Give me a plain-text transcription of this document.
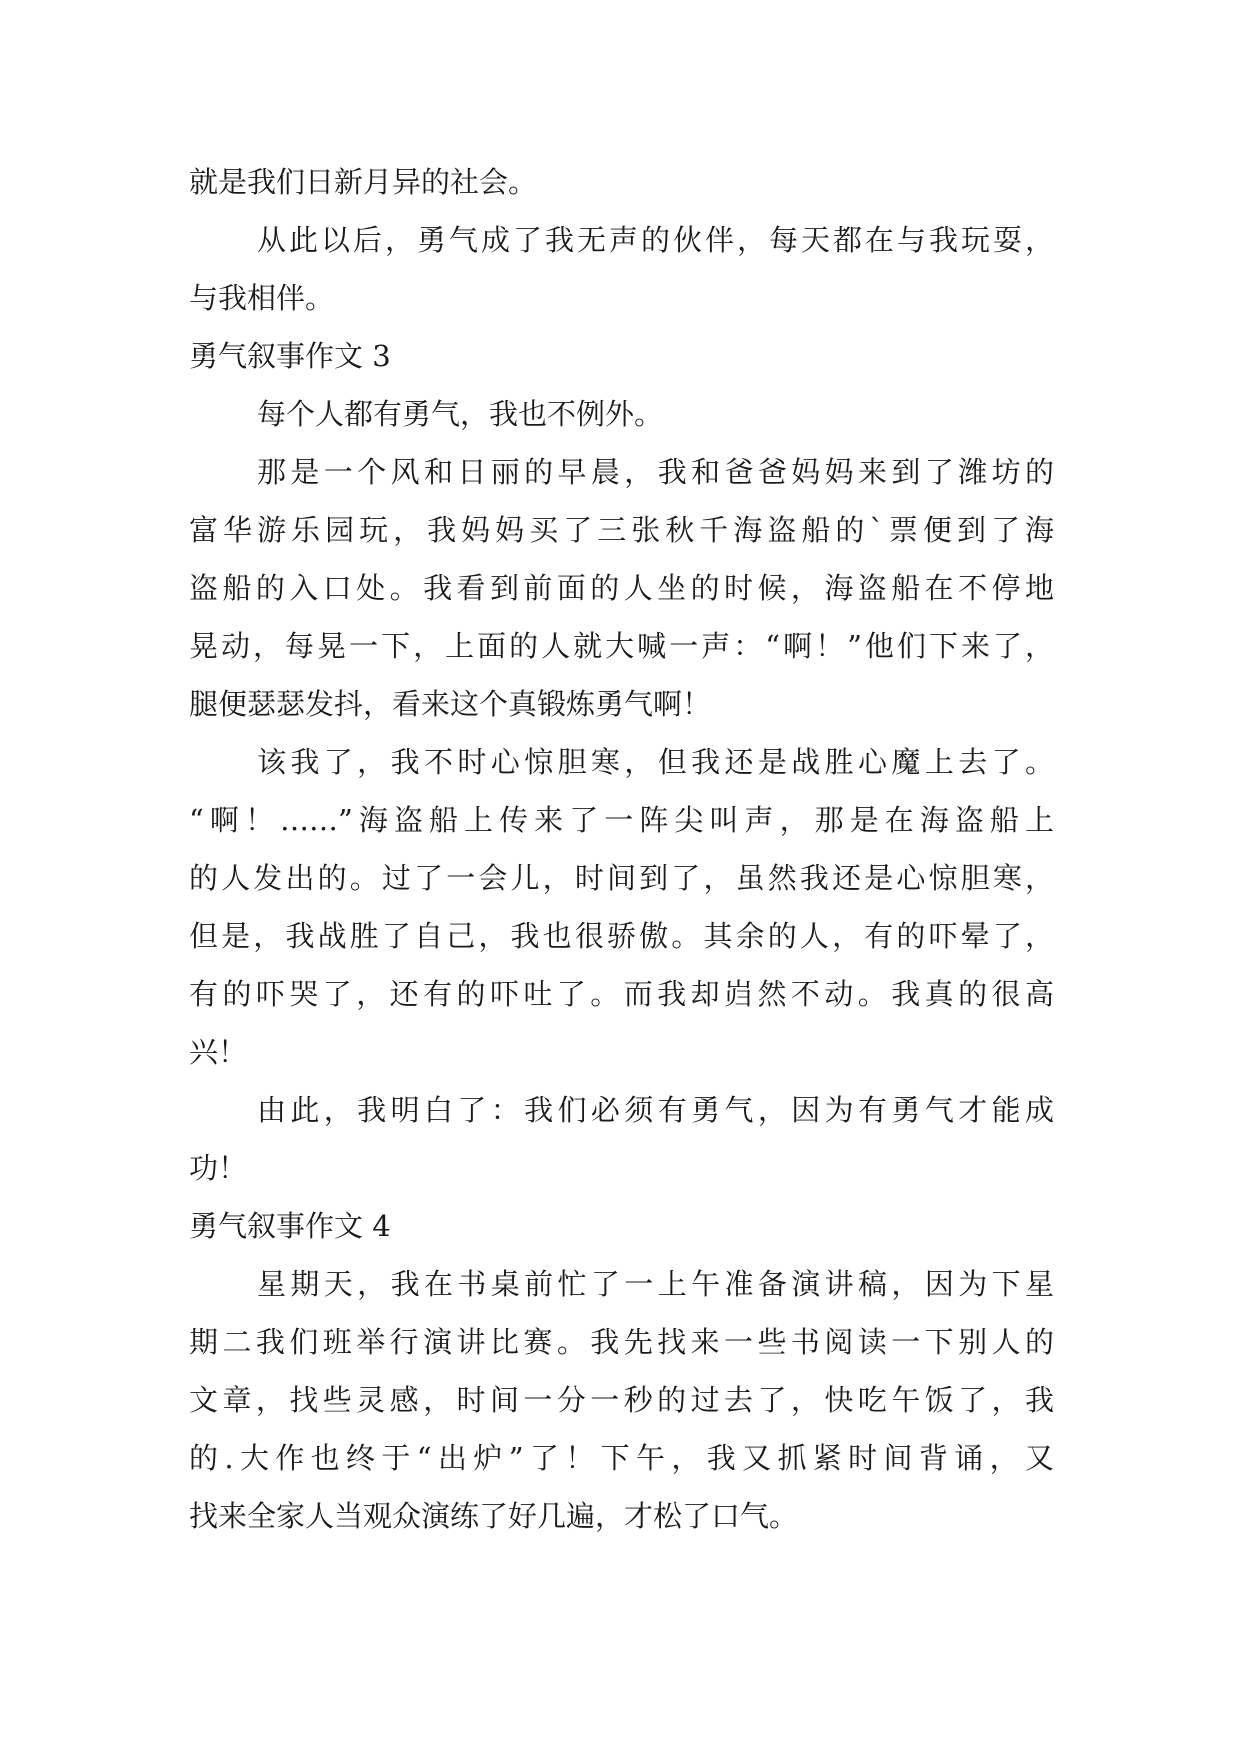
就是我们日新月异的社会。
从此以后，勇气成了我无声的伙伴，每天都在与我玩耍，
与我相伴。
勇气叙事作文 3
每个人都有勇气，我也不例外。
那是一个风和日丽的早晨，我和爸爸妈妈来到了潍坊的
富华游乐园玩，我妈妈买了三张秋千海盗船的`票便到了海
盗船的入口处。我看到前面的人坐的时候，海盗船在不停地
晃动，每晃一下，上面的人就大喊一声：“啊！”他们下来了，
腿便瑟瑟发抖，看来这个真锻炼勇气啊！
该我了，我不时心惊胆寒，但我还是战胜心魔上去了。
“啊！……”海盗船上传来了一阵尖叫声，那是在海盗船上
的人发出的。过了一会儿，时间到了，虽然我还是心惊胆寒，
但是，我战胜了自己，我也很骄傲。其余的人，有的吓晕了，
有的吓哭了，还有的吓吐了。而我却岿然不动。我真的很高
兴！
由此，我明白了：我们必须有勇气，因为有勇气才能成
功！
勇气叙事作文 4
星期天，我在书桌前忙了一上午准备演讲稿，因为下星
期二我们班举行演讲比赛。我先找来一些书阅读一下别人的
文章，找些灵感，时间一分一秒的过去了，快吃午饭了，我
的.大作也终于“出炉”了！下午，我又抓紧时间背诵，又
找来全家人当观众演练了好几遍，才松了口气。
